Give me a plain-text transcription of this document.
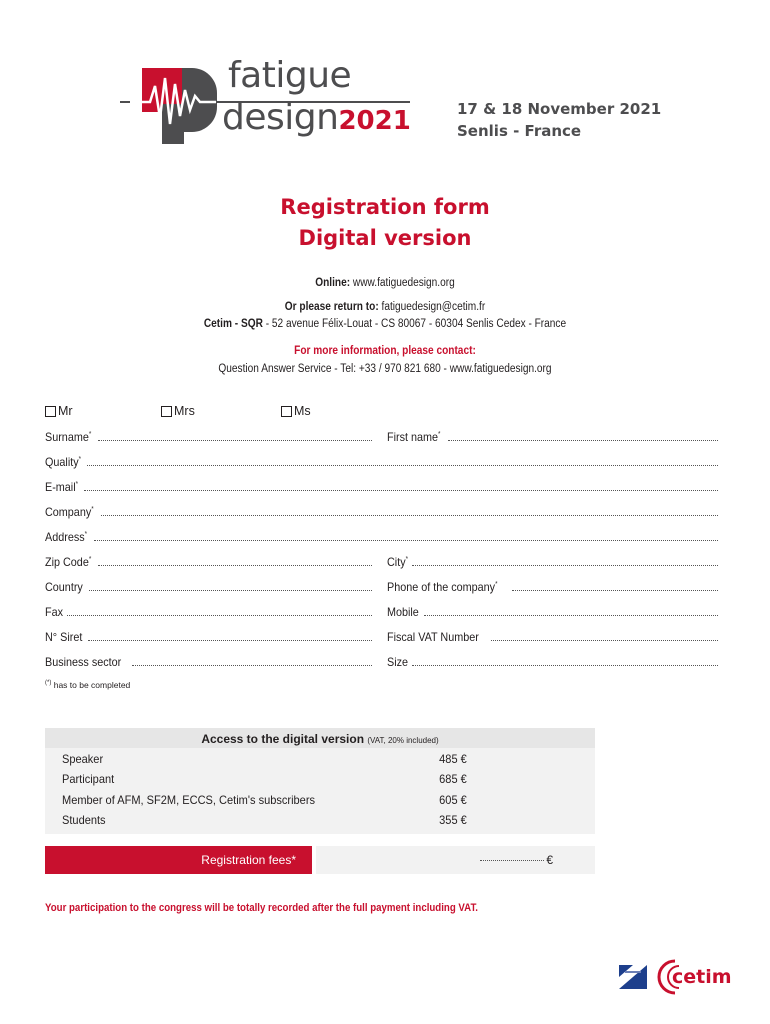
fatigue
design2021	17 & 18 November 2021
Senlis - France
Registration form
Digital version
Online: www.fatiguedesign.org
Or please return to: fatiguedesign@cetim.fr
Cetim - SQR - 52 avenue Félix-Louat - CS 80067 - 60304 Senlis Cedex - France
For more information, please contact:
Question Answer Service - Tel: +33 / 970 821 680 - www.fatiguedesign.org
Mr	Mrs	Ms
Surname*	First name*
Quality*
E-mail*
Company*
Address*
Zip Code*	City*
Country	Phone of the company*
Fax	Mobile
N° Siret	Fiscal VAT Number
Business sector	Size
(*) has to be completed
Access to the digital version (VAT, 20% included)
Speaker	485 €
Participant	685 €
Member of AFM, SF2M, ECCS, Cetim's subscribers	605 €
Students	355 €
Registration fees*	€
Your participation to the congress will be totally recorded after the full payment including VAT.
cetim
